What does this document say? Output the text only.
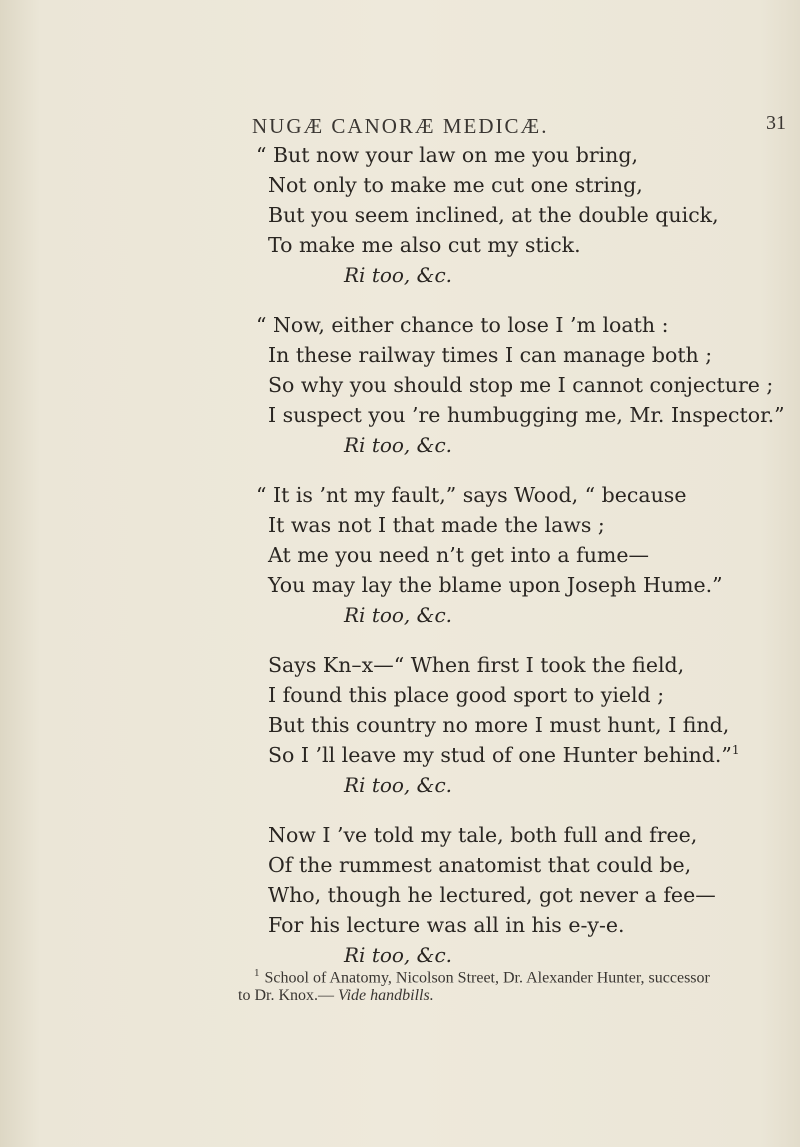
NUGÆ CANORÆ MEDICÆ.	31
“ But now your law on me you bring,
Not only to make me cut one string,
But you seem inclined, at the double quick,
To make me also cut my stick.
Ri too, &c.
“ Now, either chance to lose I ’m loath :
In these railway times I can manage both ;
So why you should stop me I cannot conjecture ;
I suspect you ’re humbugging me, Mr. Inspector.”
Ri too, &c.
“ It is ’nt my fault,” says Wood, “ because
It was not I that made the laws ;
At me you need n’t get into a fume—
You may lay the blame upon Joseph Hume.”
Ri too, &c.
Says Kn–x—“ When first I took the field,
I found this place good sport to yield ;
But this country no more I must hunt, I find,
So I ’ll leave my stud of one Hunter behind.”$^1$
Ri too, &c.
Now I ’ve told my tale, both full and free,
Of the rummest anatomist that could be,
Who, though he lectured, got never a fee—
For his lecture was all in his e-y-e.
Ri too, &c.
$^1$ School of Anatomy, Nicolson Street, Dr. Alexander Hunter, successor
to Dr. Knox.— Vide handbills.
